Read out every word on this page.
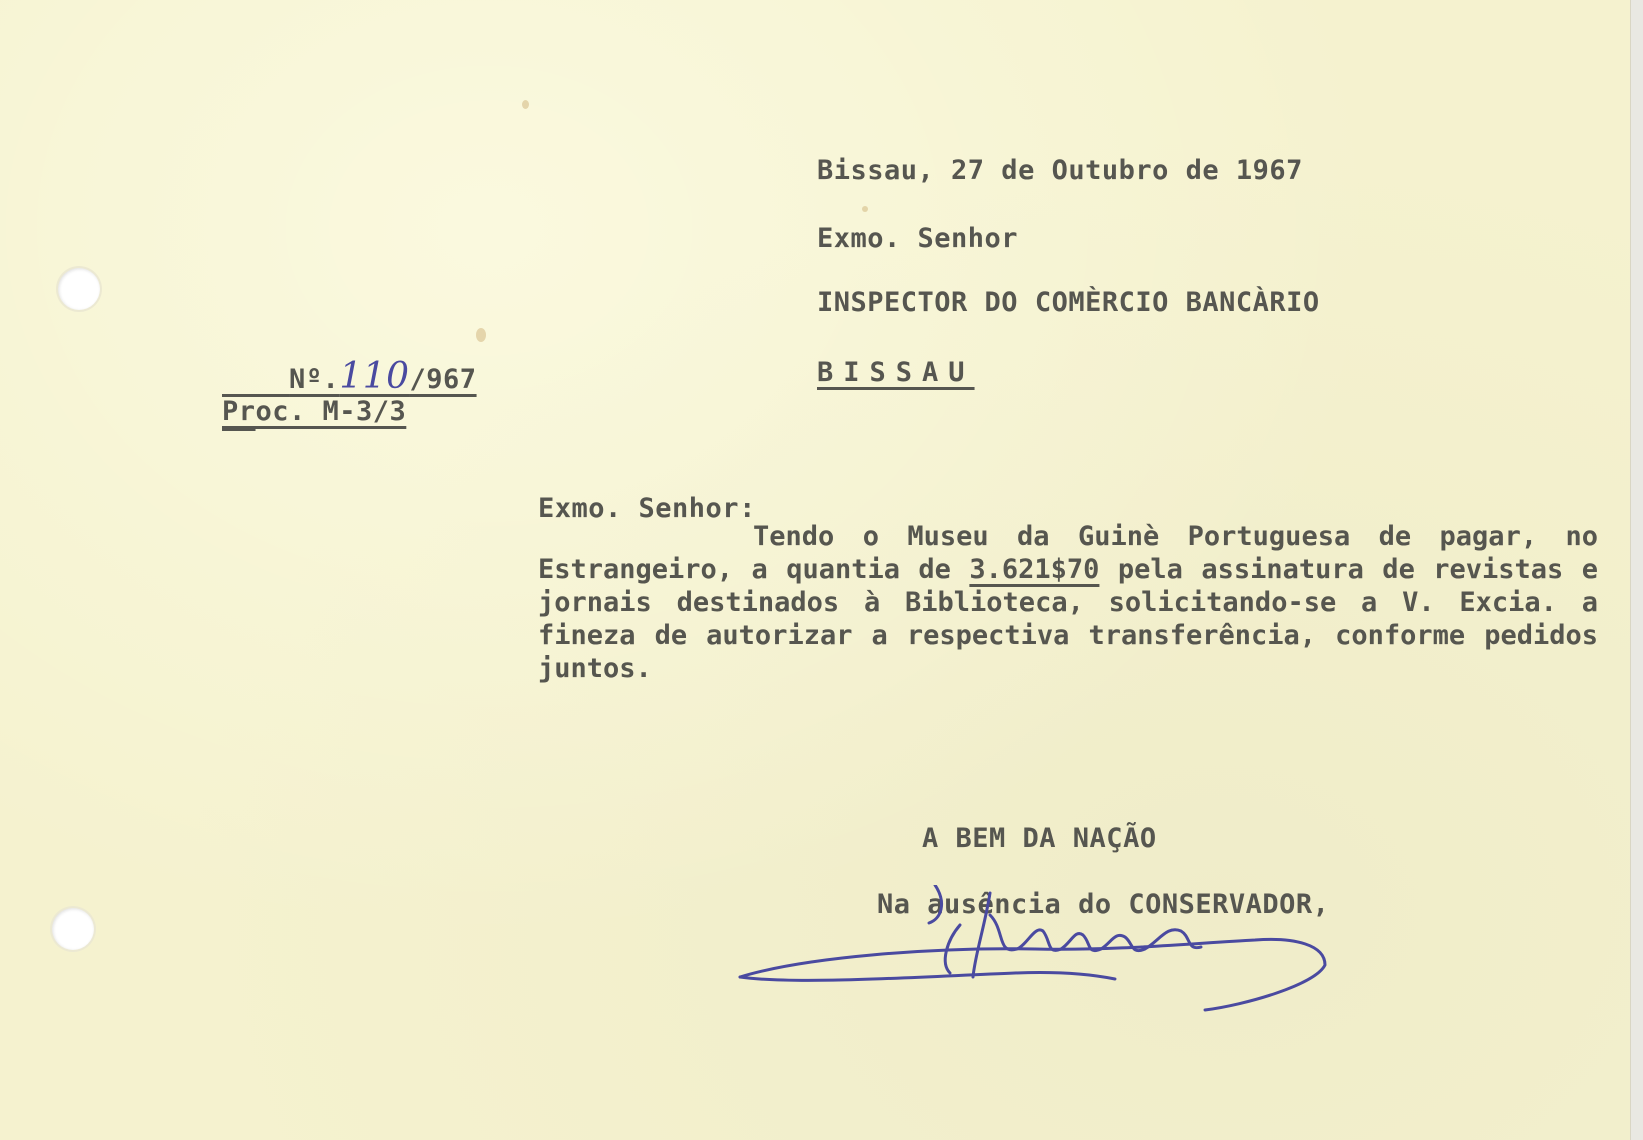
Bissau, 27 de Outubro de 1967
Exmo. Senhor
INSPECTOR DO COMÈRCIO BANCÀRIO
BISSAU

Nº.110/967

Proc. M-3/3
Exmo. Senhor:

Tendo o Museu da Guinè Portuguesa de pagar, no Estrangeiro, a quantia de 3.621$70 pela assinatura de revistas e jornais destinados à Biblioteca, solicitando-se a V. Excia. a fineza de autorizar a respectiva transferência, conforme pedidos juntos.

A BEM DA NAÇÃO
Na ausência do CONSERVADOR,
